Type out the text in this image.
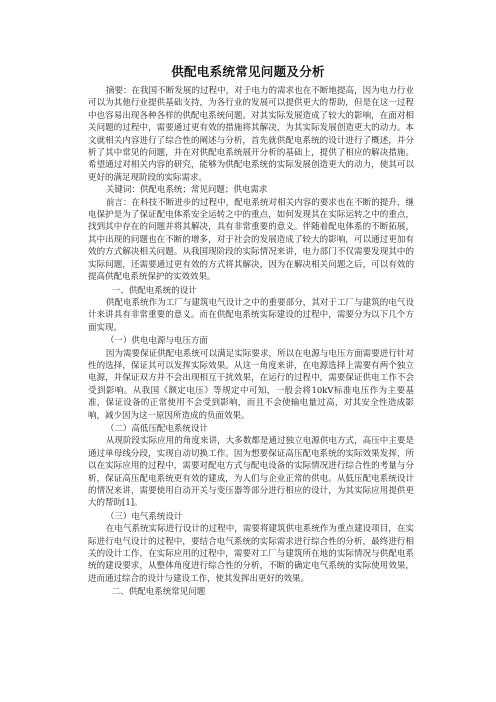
供配电系统常见问题及分析

摘要：在我国不断发展的过程中，对于电力的需求也在不断地提高，因为电力行业可以为其他行业提供基础支持，为各行业的发展可以提供更大的帮助，但是在这一过程中也容易出现各种各样的供配电系统问题。对其实际发展造成了较大的影响，在面对相关问题的过程中，需要通过更有效的措施将其解决，为其实际发展创造更大的动力。本文就相关内容进行了综合性的阐述与分析，首先就供配电系统的设计进行了概述，并分析了其中常见的问题，并在对供配电系统展开分析的基础上，提供了相应的解决措施。希望通过对相关内容的研究，能够为供配电系统的实际发展创造更大的动力，使其可以更好的满足现阶段的实际需求。

关键词：供配电系统；常见问题；供电需求

前言：在科技不断进步的过程中，配电系统对相关内容的要求也在不断的提升，继电保护是为了保证配电体系安全运转之中的重点，如何发现其在实际运转之中的重点，找到其中存在的问题并将其解决，具有非常重要的意义。伴随着配电体系的不断拓展，其中出现的问题也在不断的增多，对于社会的发展造成了较大的影响，可以通过更加有效的方式解决相关问题。从我国现阶段的实际情况来讲，电力部门不仅需要发现其中的实际问题，还需要通过更有效的方式将其解决，因为在解决相关问题之后，可以有效的提高供配电系统保护的实效效果。

一、供配电系统的设计

供配电系统作为工厂与建筑电气设计之中的重要部分，其对于工厂与建筑的电气设计来讲具有非常重要的意义。而在供配电系统实际建设的过程中，需要分为以下几个方面实现。

（一）供电电源与电压方面

因为需要保证供配电系统可以满足实际要求，所以在电源与电压方面需要进行针对性的选择，保证其可以发挥实际效果。从这一角度来讲，在电源选择上需要有两个独立电源，并保证双方并不会出现相互干扰效果，在运行的过程中，需要保证供电工作不会受到影响。从我国《额定电压》等规定中可知，一般会将10kV标准电压作为主要基准，保证设备的正常使用不会受到影响，而且不会使输电量过高，对其安全性造成影响，减少因为这一原因所造成的负面效果。

（二）高低压配电系统设计

从现阶段实际应用的角度来讲，大多数都是通过独立电源供电方式，高压中主要是通过单母线分段，实现自动切换工作。因为想要保证高压配电系统的实际效果发挥，所以在实际应用的过程中，需要对配电方式与配电设备的实际情况进行综合性的考量与分析，保证高压配电系统更有效的建成，为人们与企业正常的供电。从低压配电系统设计的情况来讲，需要使用自动开关与变压器等部分进行相应的设计，为其实际应用提供更大的帮助[1]。

（三）电气系统设计

在电气系统实际进行设计的过程中，需要将建筑供电系统作为重点建设项目，在实际进行电气设计的过程中，要结合电气系统的实际需求进行综合性的分析，最终进行相关的设计工作，在实际应用的过程中，需要对工厂与建筑所在地的实际情况与供配电系统的建设要求，从整体角度进行综合性的分析，不断的确定电气系统的实际使用效果，进而通过综合的设计与建设工作，使其发挥出更好的效果。

二、供配电系统常见问题
